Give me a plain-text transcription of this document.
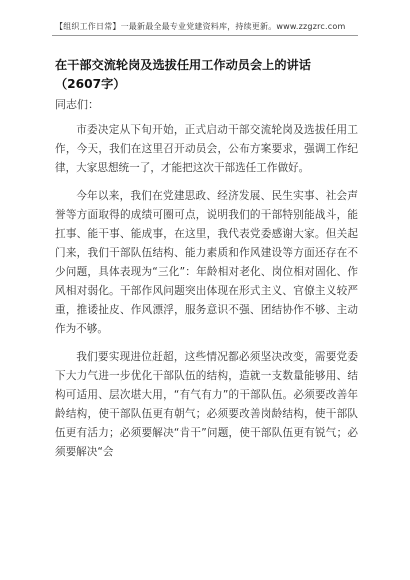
【组织工作日常】一最新最全最专业党建资料库，持续更新。www.zzgzrc.com
在干部交流轮岗及选拔任用工作动员会上的讲话（2607字）
同志们：

市委决定从下旬开始，正式启动干部交流轮岗及选拔任用工作，今天，我们在这里召开动员会，公布方案要求，强调工作纪律，大家思想统一了，才能把这次干部选任工作做好。

今年以来，我们在党建思政、经济发展、民生实事、社会声誉等方面取得的成绩可圈可点，说明我们的干部特别能战斗，能扛事、能干事、能成事，在这里，我代表党委感谢大家。但关起门来，我们干部队伍结构、能力素质和作风建设等方面还存在不少问题，具体表现为“三化”：年龄相对老化、岗位相对固化、作风相对弱化。干部作风问题突出体现在形式主义、官僚主义较严重，推诿扯皮、作风漂浮，服务意识不强、团结协作不够、主动作为不够。

我们要实现进位赶超，这些情况都必须坚决改变，需要党委下大力气进一步优化干部队伍的结构，造就一支数量能够用、结构可适用、层次堪大用，“有气有力”的干部队伍。必须要改善年龄结构，使干部队伍更有朝气；必须要改善岗龄结构，使干部队伍更有活力；必须要解决“肯干”问题，使干部队伍更有锐气；必须要解决“会
